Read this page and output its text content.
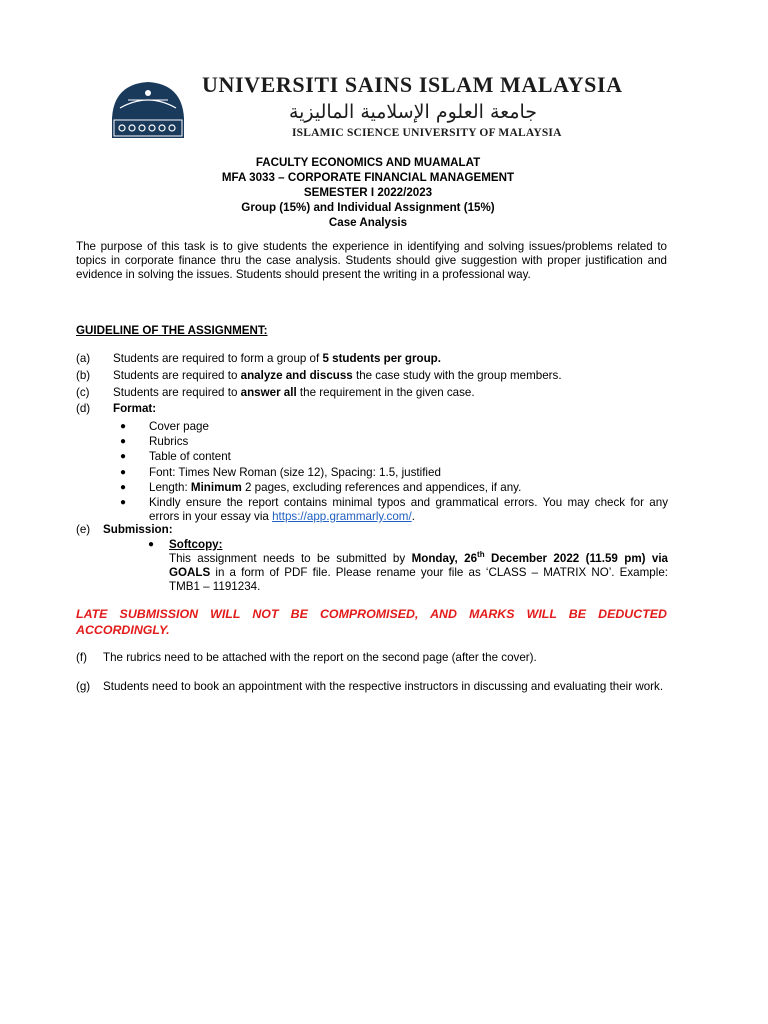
UNIVERSITI SAINS ISLAM MALAYSIA
جامعة العلوم الإسلامية الماليزية
ISLAMIC SCIENCE UNIVERSITY OF MALAYSIA
FACULTY ECONOMICS AND MUAMALAT
MFA 3033 – CORPORATE FINANCIAL MANAGEMENT
SEMESTER I 2022/2023
Group (15%) and Individual Assignment (15%)
Case Analysis
The purpose of this task is to give students the experience in identifying and solving issues/problems related to topics in corporate finance thru the case analysis. Students should give suggestion with proper justification and evidence in solving the issues. Students should present the writing in a professional way.
GUIDELINE OF THE ASSIGNMENT:
(a) Students are required to form a group of 5 students per group.
(b) Students are required to analyze and discuss the case study with the group members.
(c) Students are required to answer all the requirement in the given case.
(d) Format:
● Cover page
● Rubrics
● Table of content
● Font: Times New Roman (size 12), Spacing: 1.5, justified
● Length: Minimum 2 pages, excluding references and appendices, if any.
● Kindly ensure the report contains minimal typos and grammatical errors. You may check for any errors in your essay via https://app.grammarly.com/.
(e) Submission:
● Softcopy:
This assignment needs to be submitted by Monday, 26th December 2022 (11.59 pm) via GOALS in a form of PDF file. Please rename your file as ‘CLASS – MATRIX NO’. Example: TMB1 – 1191234.
LATE SUBMISSION WILL NOT BE COMPROMISED, AND MARKS WILL BE DEDUCTED ACCORDINGLY.
(f) The rubrics need to be attached with the report on the second page (after the cover).
(g) Students need to book an appointment with the respective instructors in discussing and evaluating their work.
